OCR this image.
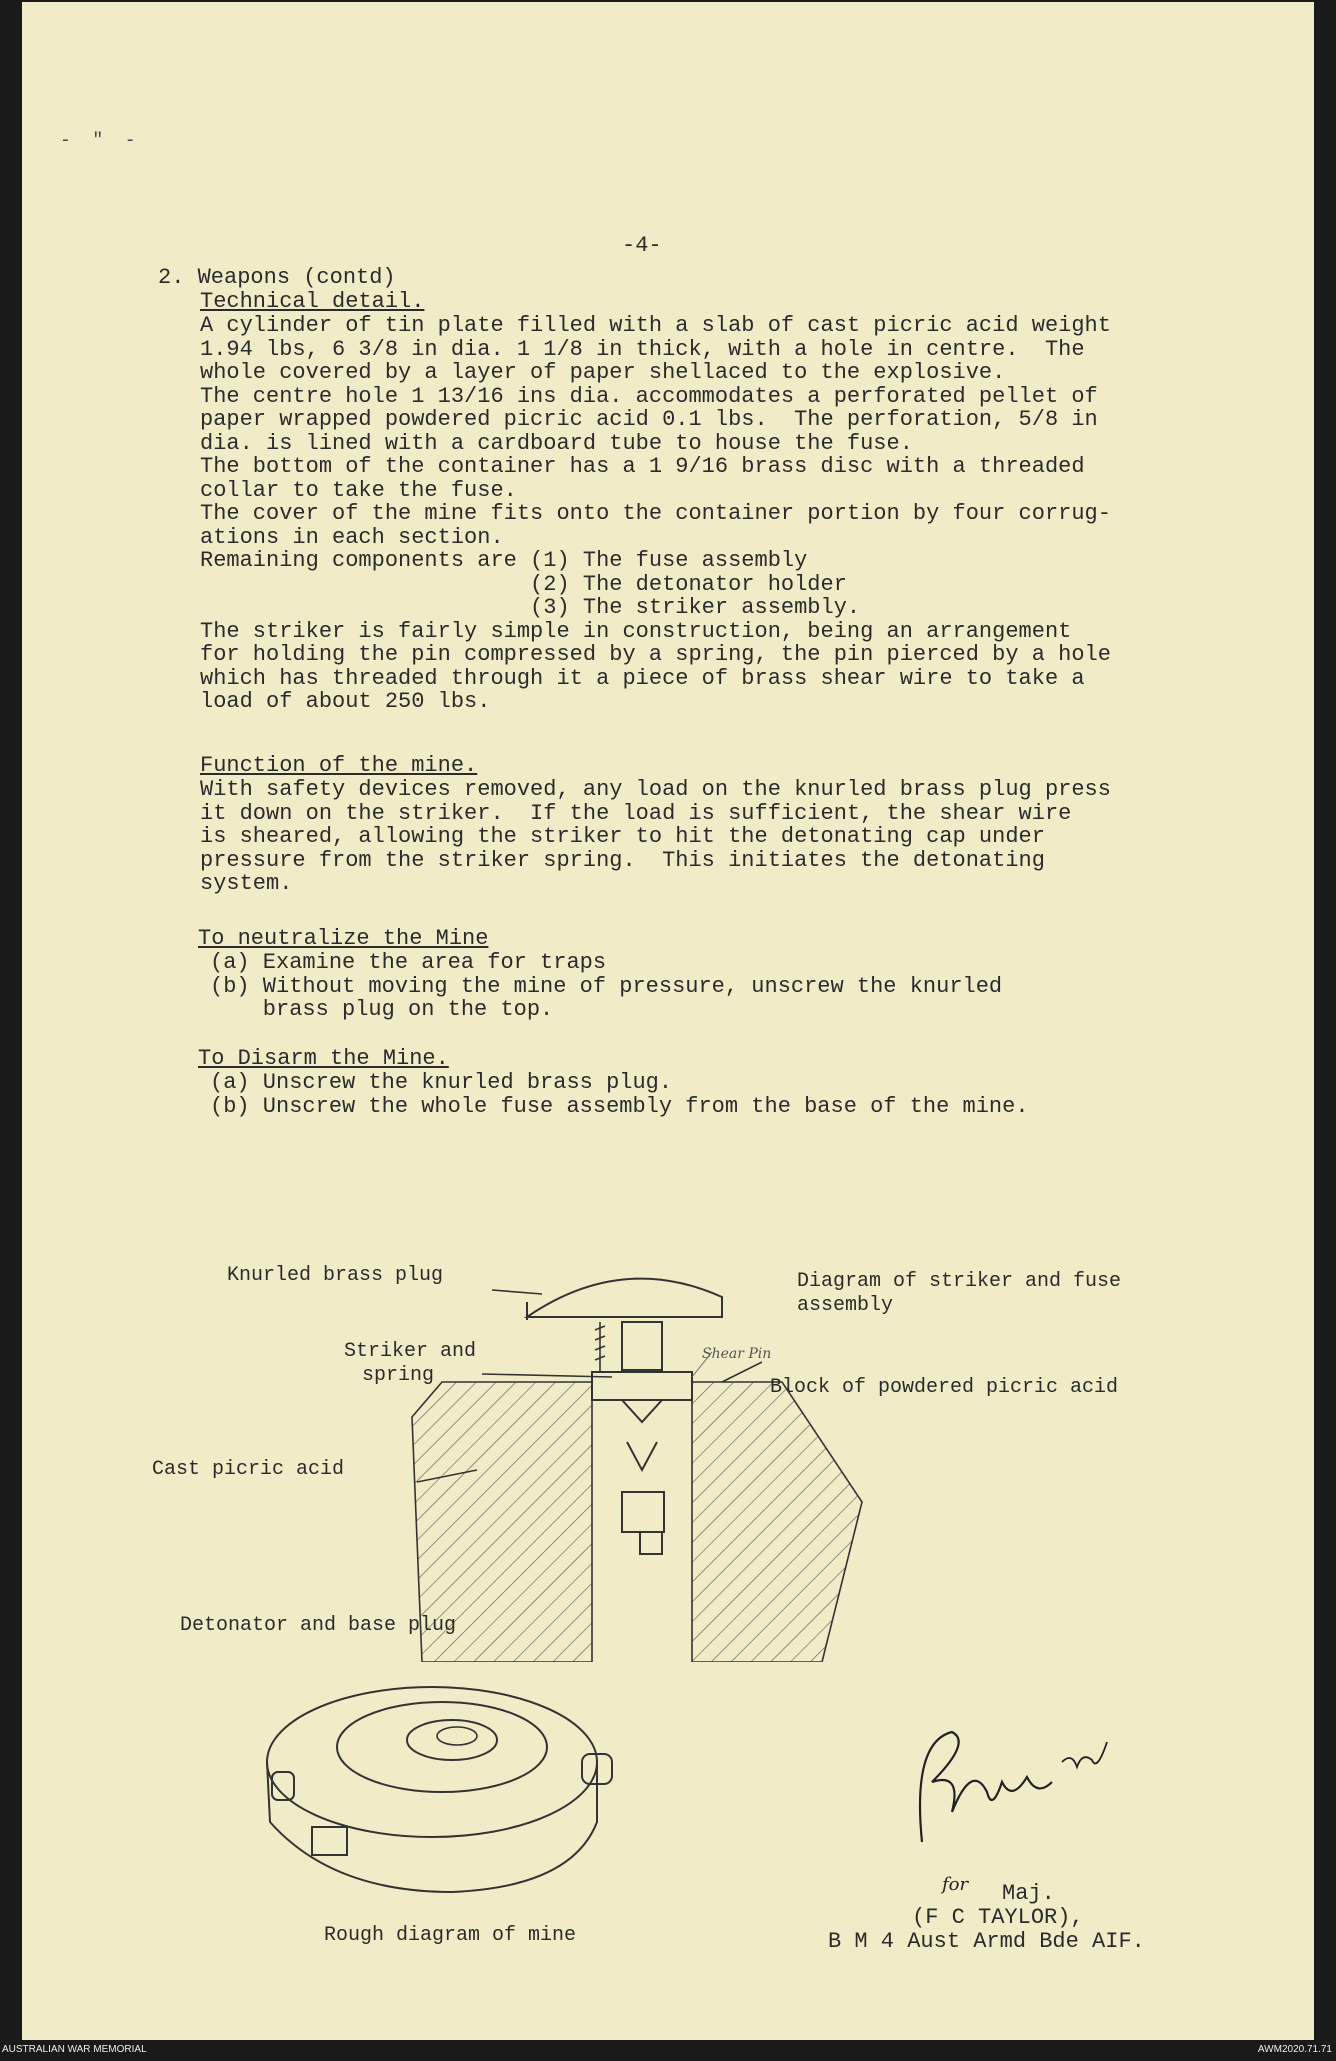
-  "  -
-4-
2. Weapons (contd)
Technical detail.
A cylinder of tin plate filled with a slab of cast picric acid weight
1.94 lbs, 6 3/8 in dia. 1 1/8 in thick, with a hole in centre.  The
whole covered by a layer of paper shellaced to the explosive.
The centre hole 1 13/16 ins dia. accommodates a perforated pellet of
paper wrapped powdered picric acid 0.1 lbs.  The perforation, 5/8 in
dia. is lined with a cardboard tube to house the fuse.
The bottom of the container has a 1 9/16 brass disc with a threaded
collar to take the fuse.
The cover of the mine fits onto the container portion by four corrug-
ations in each section.
Remaining components are (1) The fuse assembly
(2) The detonator holder
(3) The striker assembly.
The striker is fairly simple in construction, being an arrangement
for holding the pin compressed by a spring, the pin pierced by a hole
which has threaded through it a piece of brass shear wire to take a
load of about 250 lbs.
Function of the mine.
With safety devices removed, any load on the knurled brass plug press
it down on the striker.  If the load is sufficient, the shear wire
is sheared, allowing the striker to hit the detonating cap under
pressure from the striker spring.  This initiates the detonating
system.
To neutralize the Mine
(a) Examine the area for traps
(b) Without moving the mine of pressure, unscrew the knurled
brass plug on the top.
To Disarm the Mine.
(a) Unscrew the knurled brass plug.
(b) Unscrew the whole fuse assembly from the base of the mine.
Diagram of striker and fuse
assembly
Knurled brass plug
Striker and
spring
Shear Pin
Block of powdered picric acid
Cast picric acid
Detonator and base plug
Rough diagram of mine
for Maj.
(F C TAYLOR),
B M 4 Aust Armd Bde AIF.
AUSTRALIAN WAR MEMORIAL	AWM2020.71.71
